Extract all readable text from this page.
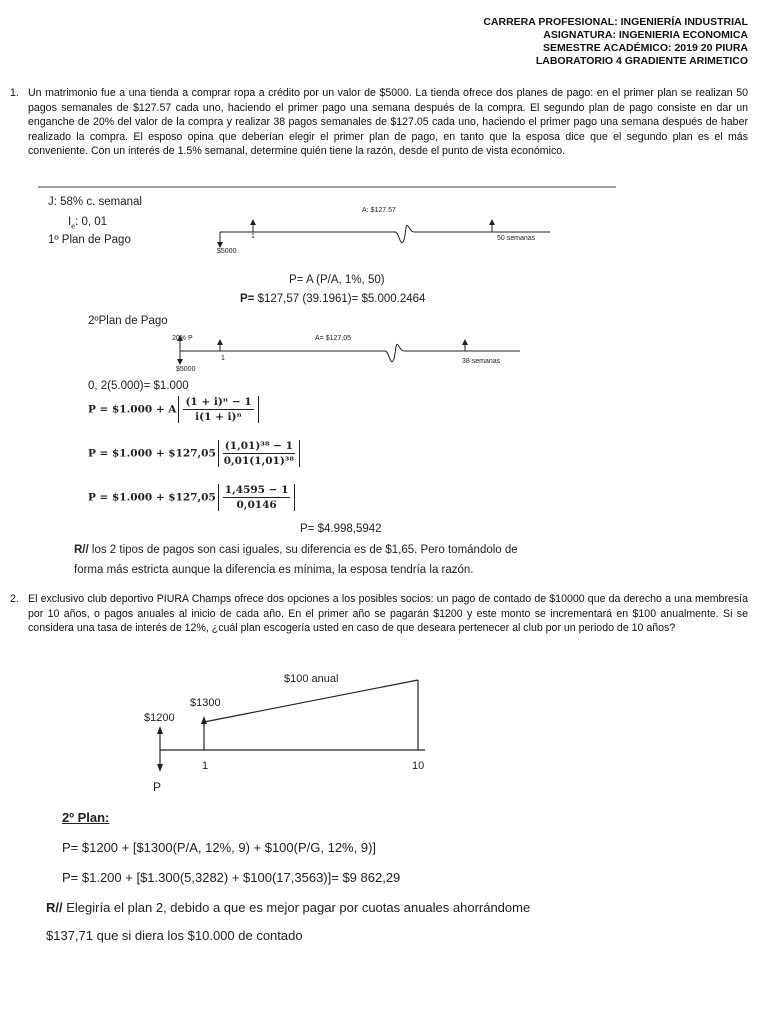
CARRERA PROFESIONAL: INGENIERÍA INDUSTRIAL
ASIGNATURA: INGENIERIA ECONOMICA
SEMESTRE ACADÉMICO: 2019 20 PIURA
LABORATORIO 4 GRADIENTE ARIMETICO
1. Un matrimonio fue a una tienda a comprar ropa a crédito por un valor de $5000. La tienda ofrece dos planes de pago: en el primer plan se realizan 50 pagos semanales de $127.57 cada uno, haciendo el primer pago una semana después de la compra. El segundo plan de pago consiste en dar un enganche de 20% del valor de la compra y realizar 38 pagos semanales de $127.05 cada uno, haciendo el primer pago una semana después de haber realizado la compra. El esposo opina que deberían elegir el primer plan de pago, en tanto que la esposa dice que el segundo plan es el más conveniente. Con un interés de 1.5% semanal, determine quién tiene la razón, desde el punto de vista económico.
J: 58% c. semanal
$I_e$: 0, 01
1º Plan de Pago
A: $127.57
1	50 semanas
$5000
P= A (P/A, 1%, 50)
P= $127,57 (39.1961)= $5.000.2464
2ºPlan de Pago
20% P	A= $127,05
1	38 semanas
$5000
0, 2(5.000)= $1.000
P = $1.000 + A $\frac{\text{(1 + i)ⁿ − 1}}{\text{i(1 + i)ⁿ}}$
P = $1.000 + $127,05 $\frac{\text{(1,01)³⁸ − 1}}{\text{0,01(1,01)³⁸}}$
P = $1.000 + $127,05 $\frac{1,4595 - 1}{0,0146}$
P= $4.998,5942
R// los 2 tipos de pagos son casi iguales, su diferencia es de $1,65. Pero tomándolo de
forma más estricta aunque la diferencia es mínima, la esposa tendría la razón.
2. El exclusivo club deportivo PIURA Champs ofrece dos opciones a los posibles socios: un pago de contado de $10000 que da derecho a una membresía por 10 años, o pagos anuales al inicio de cada año. En el primer año se pagarán $1200 y este monto se incrementará en $100 anualmente. Si se considera una tasa de interés de 12%, ¿cuál plan escogería usted en caso de que deseara pertenecer al club por un periodo de 10 años?
$100 anual
$1300
$1200
1	10
P
2º Plan:
P= $1200 + [$1300(P/A, 12%, 9) + $100(P/G, 12%, 9)]
P= $1.200 + [$1.300(5,3282) + $100(17,3563)]= $9 862,29
R// Elegiría el plan 2, debido a que es mejor pagar por cuotas anuales ahorrándome
$137,71 que si diera los $10.000 de contado
